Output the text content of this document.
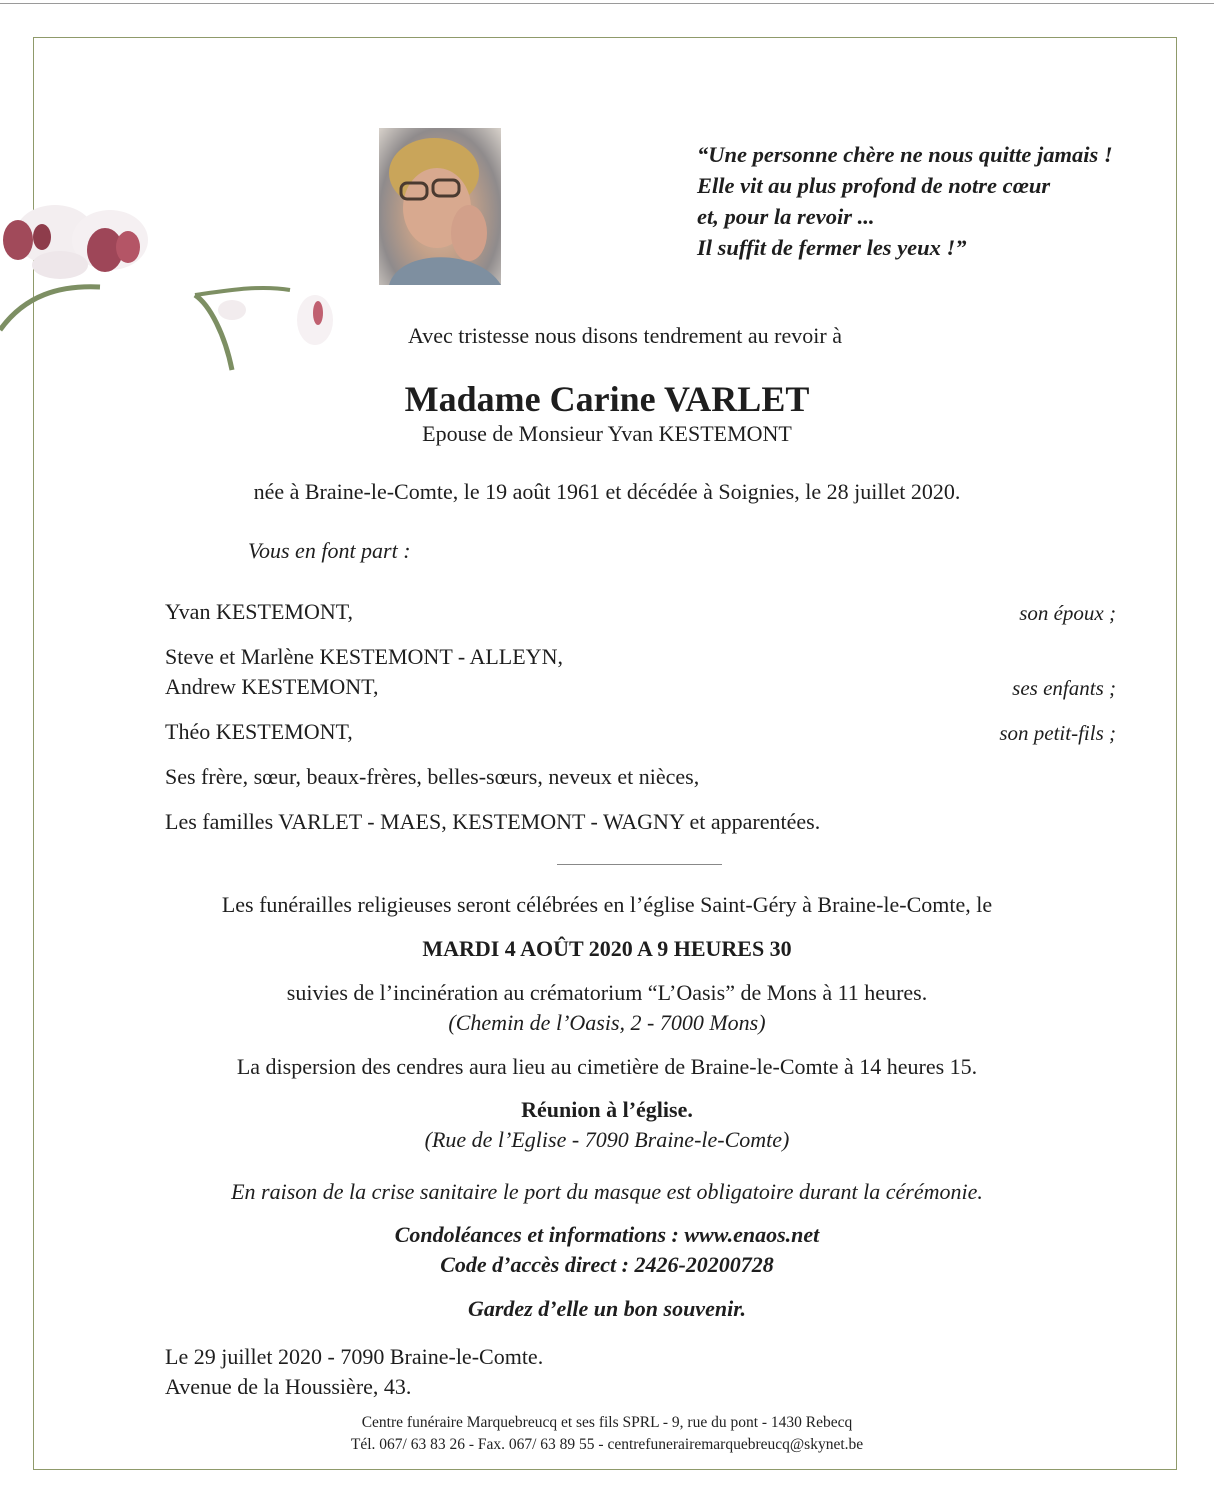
“Une personne chère ne nous quitte jamais !
Elle vit au plus profond de notre cœur
et, pour la revoir ...
Il suffit de fermer les yeux !”
Avec tristesse nous disons tendrement au revoir à
Madame Carine VARLET
Epouse de Monsieur Yvan KESTEMONT
née à Braine-le-Comte, le 19 août 1961 et décédée à Soignies, le 28 juillet 2020.
Vous en font part :
Yvan KESTEMONT,	son époux ;
Steve et Marlène KESTEMONT - ALLEYN,
Andrew KESTEMONT,	ses enfants ;
Théo KESTEMONT,	son petit-fils ;
Ses frère, sœur, beaux-frères, belles-sœurs, neveux et nièces,
Les familles VARLET - MAES, KESTEMONT - WAGNY et apparentées.
Les funérailles religieuses seront célébrées en l’église Saint-Géry à Braine-le-Comte, le
MARDI 4 AOÛT 2020 A 9 HEURES 30
suivies de l’incinération au crématorium “L’Oasis” de Mons à 11 heures.
(Chemin de l’Oasis, 2 - 7000 Mons)
La dispersion des cendres aura lieu au cimetière de Braine-le-Comte à 14 heures 15.
Réunion à l’église.
(Rue de l’Eglise - 7090 Braine-le-Comte)
En raison de la crise sanitaire le port du masque est obligatoire durant la cérémonie.
Condoléances et informations : www.enaos.net
Code d’accès direct : 2426-20200728
Gardez d’elle un bon souvenir.
Le 29 juillet 2020 - 7090 Braine-le-Comte.
Avenue de la Houssière, 43.
Centre funéraire Marquebreucq et ses fils SPRL - 9, rue du pont - 1430 Rebecq
Tél. 067/ 63 83 26 - Fax. 067/ 63 89 55 - centrefunerairemarquebreucq@skynet.be
